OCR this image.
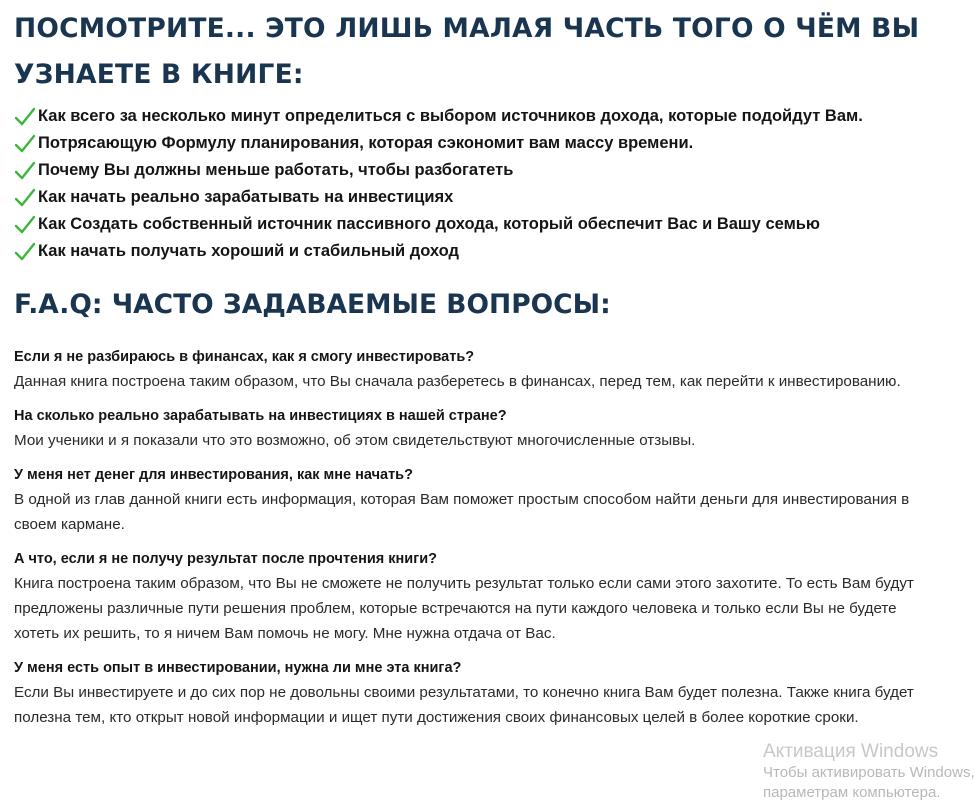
ПОСМОТРИТЕ... ЭТО ЛИШЬ МАЛАЯ ЧАСТЬ ТОГО О ЧЁМ ВЫ УЗНАЕТЕ В КНИГЕ:
Как всего за несколько минут определиться с выбором источников дохода, которые подойдут Вам.
Потрясающую Формулу планирования, которая сэкономит вам массу времени.
Почему Вы должны меньше работать, чтобы разбогатеть
Как начать реально зарабатывать на инвестициях
Как Создать собственный источник пассивного дохода, который обеспечит Вас и Вашу семью
Как начать получать хороший и стабильный доход
F.A.Q: ЧАСТО ЗАДАВАЕМЫЕ ВОПРОСЫ:

Если я не разбираюсь в финансах, как я смогу инвестировать?

Данная книга построена таким образом, что Вы сначала разберетесь в финансах, перед тем, как перейти к инвестированию.

На сколько реально зарабатывать на инвестициях в нашей стране?

Мои ученики и я показали что это возможно, об этом свидетельствуют многочисленные отзывы.

У меня нет денег для инвестирования, как мне начать?

В одной из глав данной книги есть информация, которая Вам поможет простым способом найти деньги для инвестирования в своем кармане.

А что, если я не получу результат после прочтения книги?

Книга построена таким образом, что Вы не сможете не получить результат только если сами этого захотите. То есть Вам будут предложены различные пути решения проблем, которые встречаются на пути каждого человека и только если Вы не будете хотеть их решить, то я ничем Вам помочь не могу. Мне нужна отдача от Вас.

У меня есть опыт в инвестировании, нужна ли мне эта книга?

Если Вы инвестируете и до сих пор не довольны своими результатами, то конечно книга Вам будет полезна. Также книга будет полезна тем, кто открыт новой информации и ищет пути достижения своих финансовых целей в более короткие сроки.

Активация Windows
Чтобы активировать Windows,
параметрам компьютера.
